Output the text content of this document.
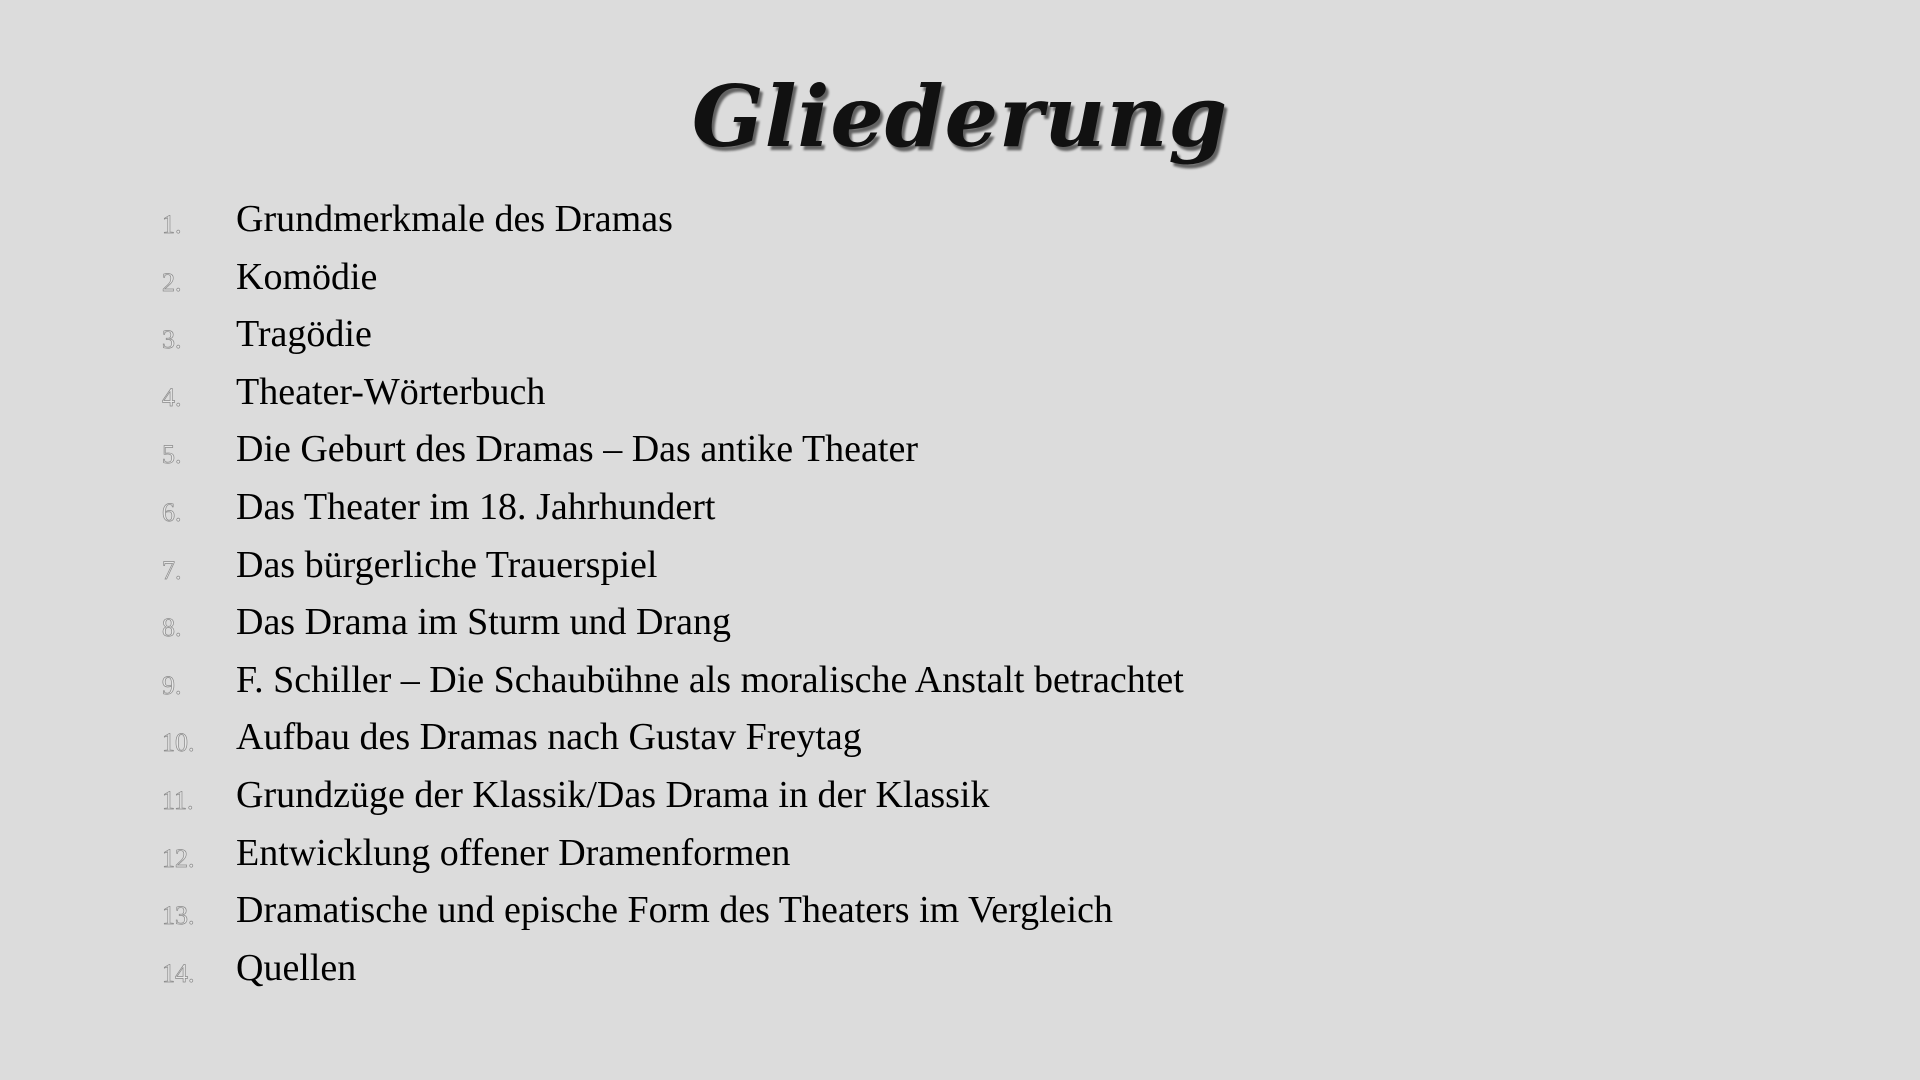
Gliederung
1. Grundmerkmale des Dramas
2. Komödie
3. Tragödie
4. Theater-Wörterbuch
5. Die Geburt des Dramas – Das antike Theater
6. Das Theater im 18. Jahrhundert
7. Das bürgerliche Trauerspiel
8. Das Drama im Sturm und Drang
9. F. Schiller – Die Schaubühne als moralische Anstalt betrachtet
10. Aufbau des Dramas nach Gustav Freytag
11. Grundzüge der Klassik/Das Drama in der Klassik
12. Entwicklung offener Dramenformen
13. Dramatische und epische Form des Theaters im Vergleich
14. Quellen
